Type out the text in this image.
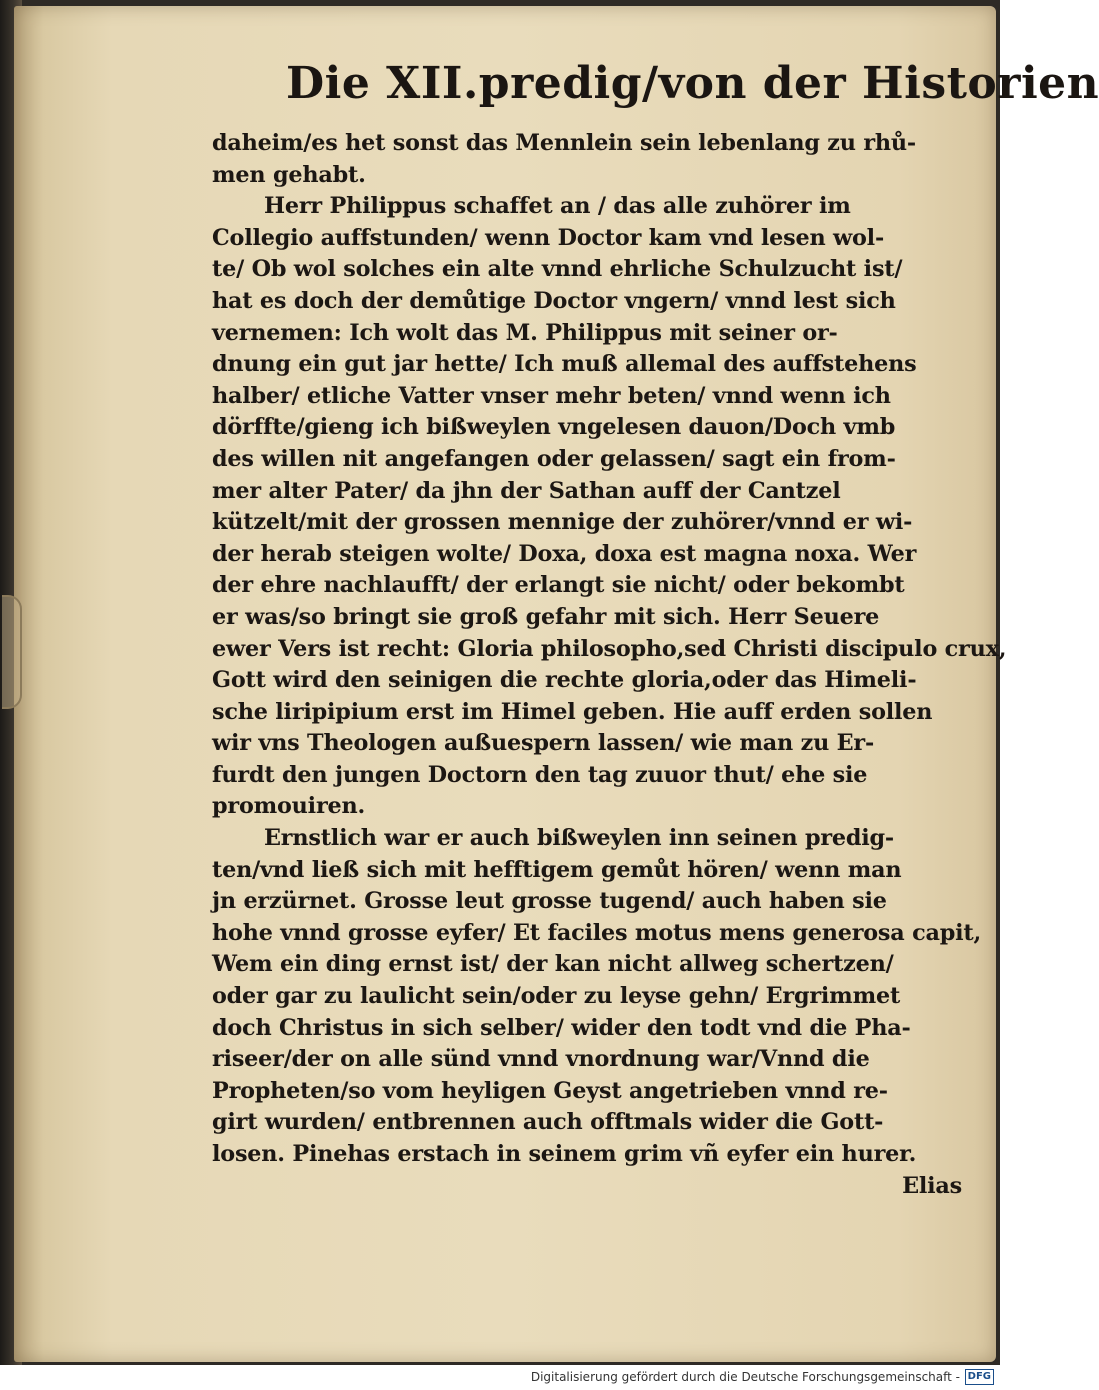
Die XII.predig/von der Historien
daheim/es het sonst das Mennlein sein lebenlang zu rhů-
men gehabt.
Herr Philippus schaffet an / das alle zuhörer im
Collegio auffstunden/ wenn Doctor kam vnd lesen wol-
te/ Ob wol solches ein alte vnnd ehrliche Schulzucht ist/
hat es doch der demůtige Doctor vngern/ vnnd lest sich
vernemen: Ich wolt das M. Philippus mit seiner or-
dnung ein gut jar hette/ Ich muß allemal des auffstehens
halber/ etliche Vatter vnser mehr beten/ vnnd wenn ich
dörffte/gieng ich bißweylen vngelesen dauon/Doch vmb
des willen nit angefangen oder gelassen/ sagt ein from-
mer alter Pater/ da jhn der Sathan auff der Cantzel
kützelt/mit der grossen mennige der zuhörer/vnnd er wi-
der herab steigen wolte/ Doxa, doxa est magna noxa. Wer
der ehre nachlaufft/ der erlangt sie nicht/ oder bekombt
er was/so bringt sie groß gefahr mit sich. Herr Seuere
ewer Vers ist recht: Gloria philosopho,sed Christi discipulo crux,
Gott wird den seinigen die rechte gloria,oder das Himeli-
sche liripipium erst im Himel geben. Hie auff erden sollen
wir vns Theologen außuespern lassen/ wie man zu Er-
furdt den jungen Doctorn den tag zuuor thut/ ehe sie
promouiren.
Ernstlich war er auch bißweylen inn seinen predig-
ten/vnd ließ sich mit hefftigem gemůt hören/ wenn man
jn erzürnet. Grosse leut grosse tugend/ auch haben sie
hohe vnnd grosse eyfer/ Et faciles motus mens generosa capit,
Wem ein ding ernst ist/ der kan nicht allweg schertzen/
oder gar zu laulicht sein/oder zu leyse gehn/ Ergrimmet
doch Christus in sich selber/ wider den todt vnd die Pha-
riseer/der on alle sünd vnnd vnordnung war/Vnnd die
Propheten/so vom heyligen Geyst angetrieben vnnd re-
girt wurden/ entbrennen auch offtmals wider die Gott-
losen. Pinehas erstach in seinem grim vñ eyfer ein hurer.
Elias
Digitalisierung gefördert durch die Deutsche Forschungsgemeinschaft - DFG
